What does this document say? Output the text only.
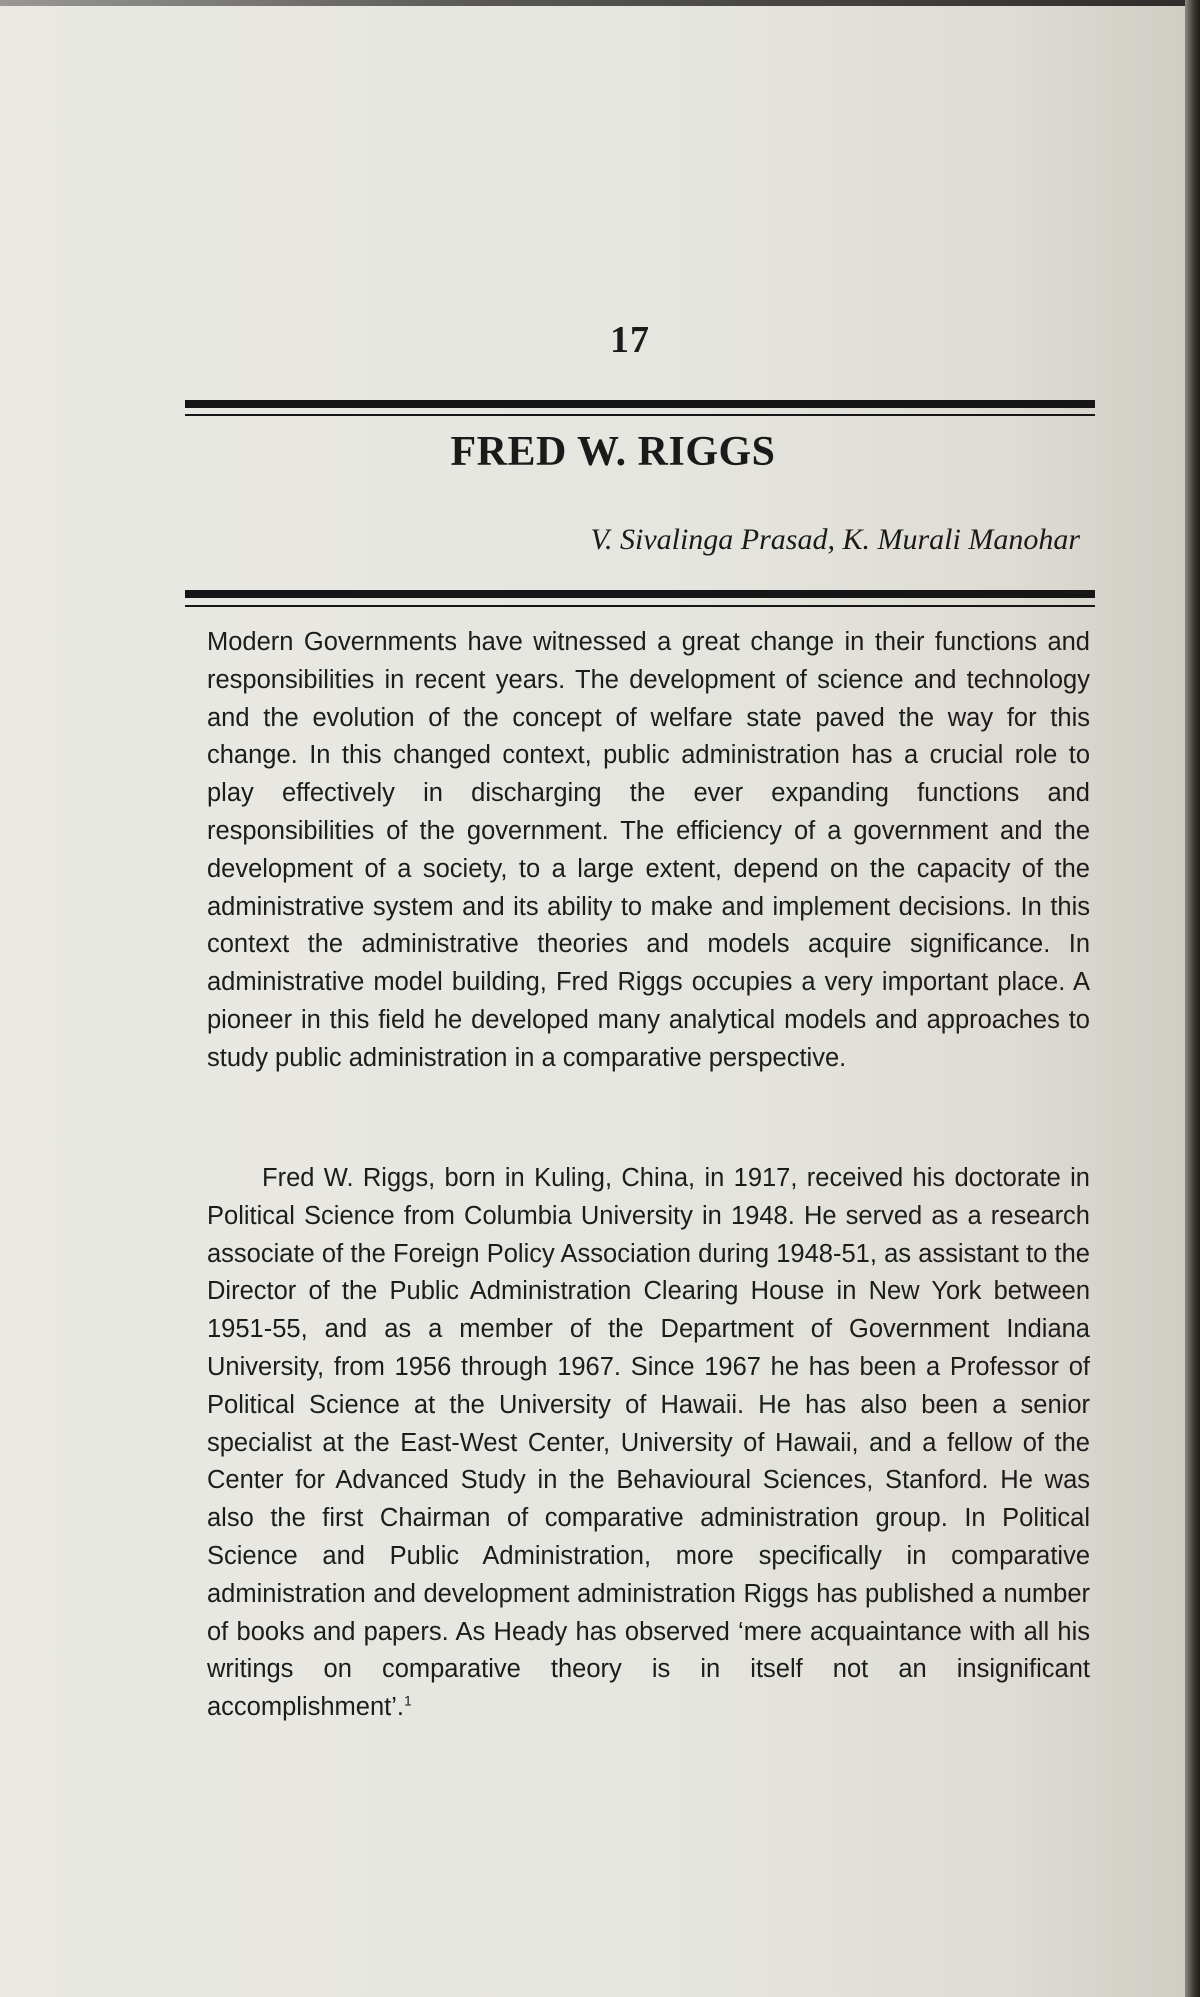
17
FRED W. RIGGS
V. Sivalinga Prasad, K. Murali Manohar

Modern Governments have witnessed a great change in their functions and responsibilities in recent years. The development of science and technology and the evolution of the concept of welfare state paved the way for this change. In this changed context, public administration has a crucial role to play effectively in discharging the ever expanding functions and responsibilities of the government. The efficiency of a government and the development of a society, to a large extent, depend on the capacity of the administrative system and its ability to make and implement decisions. In this context the administrative theories and models acquire significance. In administrative model building, Fred Riggs occupies a very important place. A pioneer in this field he developed many analytical models and approaches to study public administration in a comparative perspective.

Fred W. Riggs, born in Kuling, China, in 1917, received his doctorate in Political Science from Columbia University in 1948. He served as a research associate of the Foreign Policy Association during 1948-51, as assistant to the Director of the Public Administration Clearing House in New York between 1951-55, and as a member of the Department of Government Indiana University, from 1956 through 1967. Since 1967 he has been a Professor of Political Science at the University of Hawaii. He has also been a senior specialist at the East-West Center, University of Hawaii, and a fellow of the Center for Advanced Study in the Behavioural Sciences, Stanford. He was also the first Chairman of comparative administration group. In Political Science and Public Administration, more specifically in comparative administration and development administration Riggs has published a number of books and papers. As Heady has observed ‘mere acquaintance with all his writings on comparative theory is in itself not an insignificant accomplishment’.$^1$
